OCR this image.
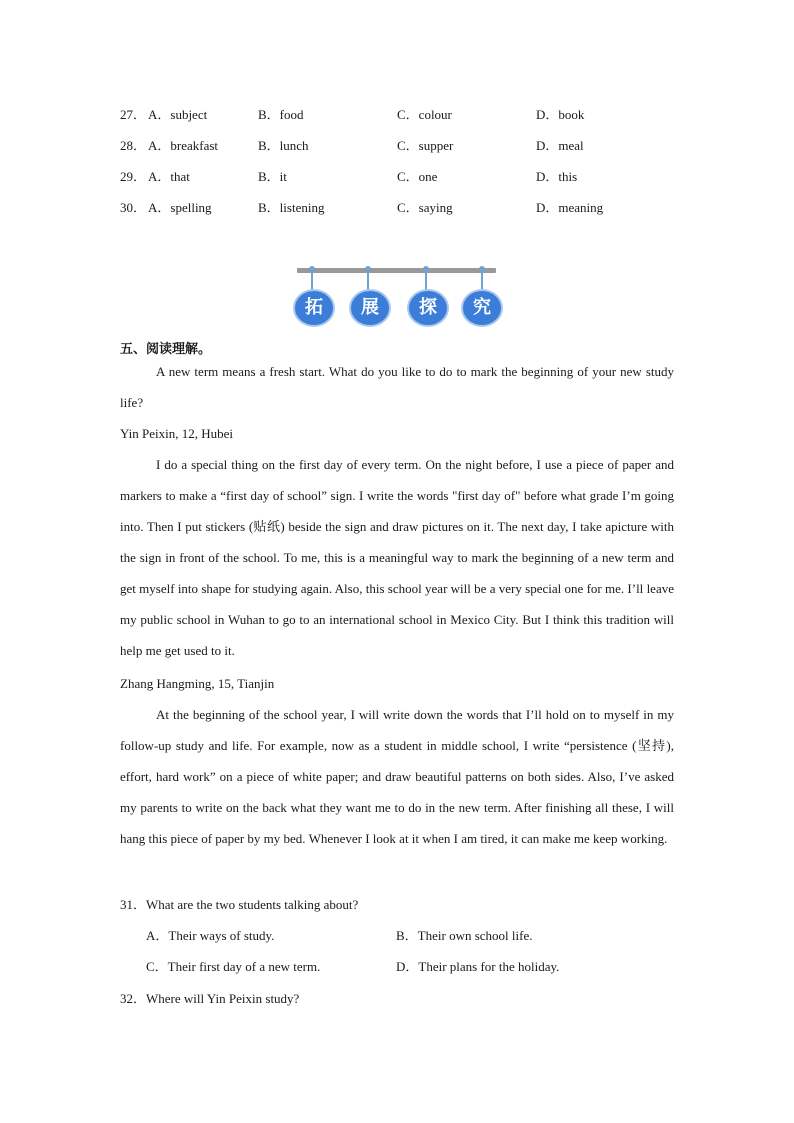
27． A．subject	B．food	C．colour	D．book
28． A．breakfast	B．lunch	C．supper	D．meal
29． A．that	B．it	C．one	D．this
30． A．spelling	B．listening	C．saying	D．meaning
拓	展	探	究
五、阅读理解。
A new term means a fresh start. What do you like to do to mark the beginning of your new study life?
Yin Peixin, 12, Hubei
I do a special thing on the first day of every term. On the night before, I use a piece of paper and markers to make a “first day of school” sign. I write the words "first day of" before what grade I’m going into. Then I put stickers (贴纸) beside the sign and draw pictures on it. The next day, I take apicture with the sign in front of the school. To me, this is a meaningful way to mark the beginning of a new term and get myself into shape for studying again. Also, this school year will be a very special one for me. I’ll leave my public school in Wuhan to go to an international school in Mexico City. But I think this tradition will help me get used to it.
Zhang Hangming, 15, Tianjin
At the beginning of the school year, I will write down the words that I’ll hold on to myself in my follow-up study and life. For example, now as a student in middle school, I write “persistence (坚持), effort, hard work” on a piece of white paper; and draw beautiful patterns on both sides. Also, I’ve asked my parents to write on the back what they want me to do in the new term. After finishing all these, I will hang this piece of paper by my bed. Whenever I look at it when I am tired, it can make me keep working.
31．What are the two students talking about?
A．Their ways of study.	B．Their own school life.
C．Their first day of a new term.	D．Their plans for the holiday.
32．Where will Yin Peixin study?
